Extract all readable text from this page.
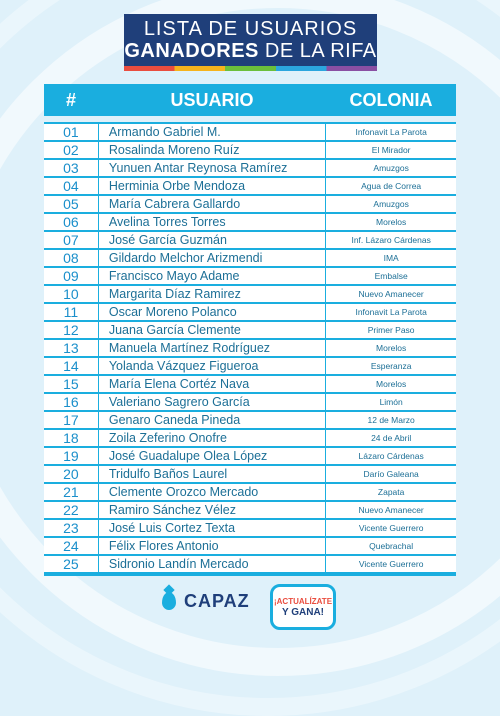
LISTA DE USUARIOS
GANADORES DE LA RIFA
#	USUARIO	COLONIA
01	Armando Gabriel M.	Infonavit La Parota
02	Rosalinda Moreno Ruíz	El Mirador
03	Yunuen Antar Reynosa Ramírez	Amuzgos
04	Herminia Orbe Mendoza	Agua de Correa
05	María Cabrera Gallardo	Amuzgos
06	Avelina Torres Torres	Morelos
07	José García Guzmán	Inf. Lázaro Cárdenas
08	Gildardo Melchor Arizmendi	IMA
09	Francisco Mayo Adame	Embalse
10	Margarita Díaz Ramirez	Nuevo Amanecer
11	Oscar Moreno Polanco	Infonavit La Parota
12	Juana García Clemente	Primer Paso
13	Manuela Martínez Rodríguez	Morelos
14	Yolanda Vázquez Figueroa	Esperanza
15	María Elena Cortéz Nava	Morelos
16	Valeriano Sagrero García	Limón
17	Genaro Caneda Pineda	12 de Marzo
18	Zoila Zeferino Onofre	24 de Abril
19	José Guadalupe Olea López	Lázaro Cárdenas
20	Tridulfo Baños Laurel	Darío Galeana
21	Clemente Orozco Mercado	Zapata
22	Ramiro Sánchez Vélez	Nuevo Amanecer
23	José Luis Cortez Texta	Vicente Guerrero
24	Félix Flores Antonio	Quebrachal
25	Sidronio Landín Mercado	Vicente Guerrero
CAPAZ	¡ACTUALÍZATE
Y GANA!
